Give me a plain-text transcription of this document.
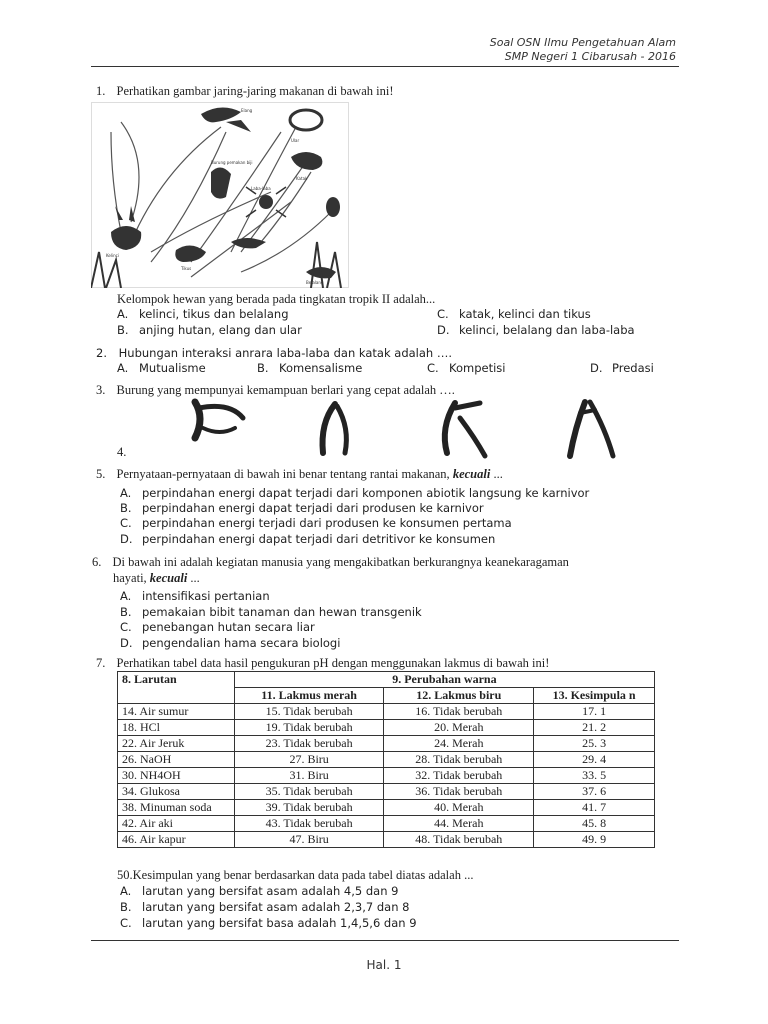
Soal OSN Ilmu Pengetahuan Alam
SMP Negeri 1 Cibarusah - 2016
1. Perhatikan gambar jaring-jaring makanan di bawah ini!
Elang
Ular
Burung pemakan biji
Katak
Laba-laba
Kelinci
Tikus
Belalang
Kelompok hewan yang berada pada tingkatan tropik II adalah...
A. kelinci, tikus dan belalang
B. anjing hutan, elang dan ular
C. katak, kelinci dan tikus
D. kelinci, belalang dan laba-laba
2. Hubungan interaksi anrara laba-laba dan katak adalah ….
A. Mutualisme	B. Komensalisme	C. Kompetisi	D. Predasi
3. Burung yang mempunyai kemampuan berlari yang cepat adalah ….
4.
5. Pernyataan-pernyataan di bawah ini benar tentang rantai makanan, kecuali ...
A. perpindahan energi dapat terjadi dari komponen abiotik langsung ke karnivor
B. perpindahan energi dapat terjadi dari produsen ke karnivor
C. perpindahan energi terjadi dari produsen ke konsumen pertama
D. perpindahan energi dapat terjadi dari detritivor ke konsumen
6. Di bawah ini adalah kegiatan manusia yang mengakibatkan berkurangnya keanekaragaman
hayati, kecuali ...
A. intensifikasi pertanian
B. pemakaian bibit tanaman dan hewan transgenik
C. penebangan hutan secara liar
D. pengendalian hama secara biologi
7. Perhatikan tabel data hasil pengukuran pH dengan menggunakan lakmus di bawah ini!
8. Larutan	9. Perubahan warna		
	11. Lakmus merah	12. Lakmus biru	13. Kesimpula n
14. Air sumur	15. Tidak berubah	16. Tidak berubah	17. 1
18. HCl	19. Tidak berubah	20. Merah	21. 2
22. Air Jeruk	23. Tidak berubah	24. Merah	25. 3
26. NaOH	27. Biru	28. Tidak berubah	29. 4
30. NH4OH	31. Biru	32. Tidak berubah	33. 5
34. Glukosa	35. Tidak berubah	36. Tidak berubah	37. 6
38. Minuman soda	39. Tidak berubah	40. Merah	41. 7
42. Air aki	43. Tidak berubah	44. Merah	45. 8
46. Air kapur	47. Biru	48. Tidak berubah	49. 9
50.Kesimpulan yang benar berdasarkan data pada tabel diatas adalah ...
A. larutan yang bersifat asam adalah 4,5 dan 9
B. larutan yang bersifat asam adalah 2,3,7 dan 8
C. larutan yang bersifat basa adalah 1,4,5,6 dan 9
Hal. 1
